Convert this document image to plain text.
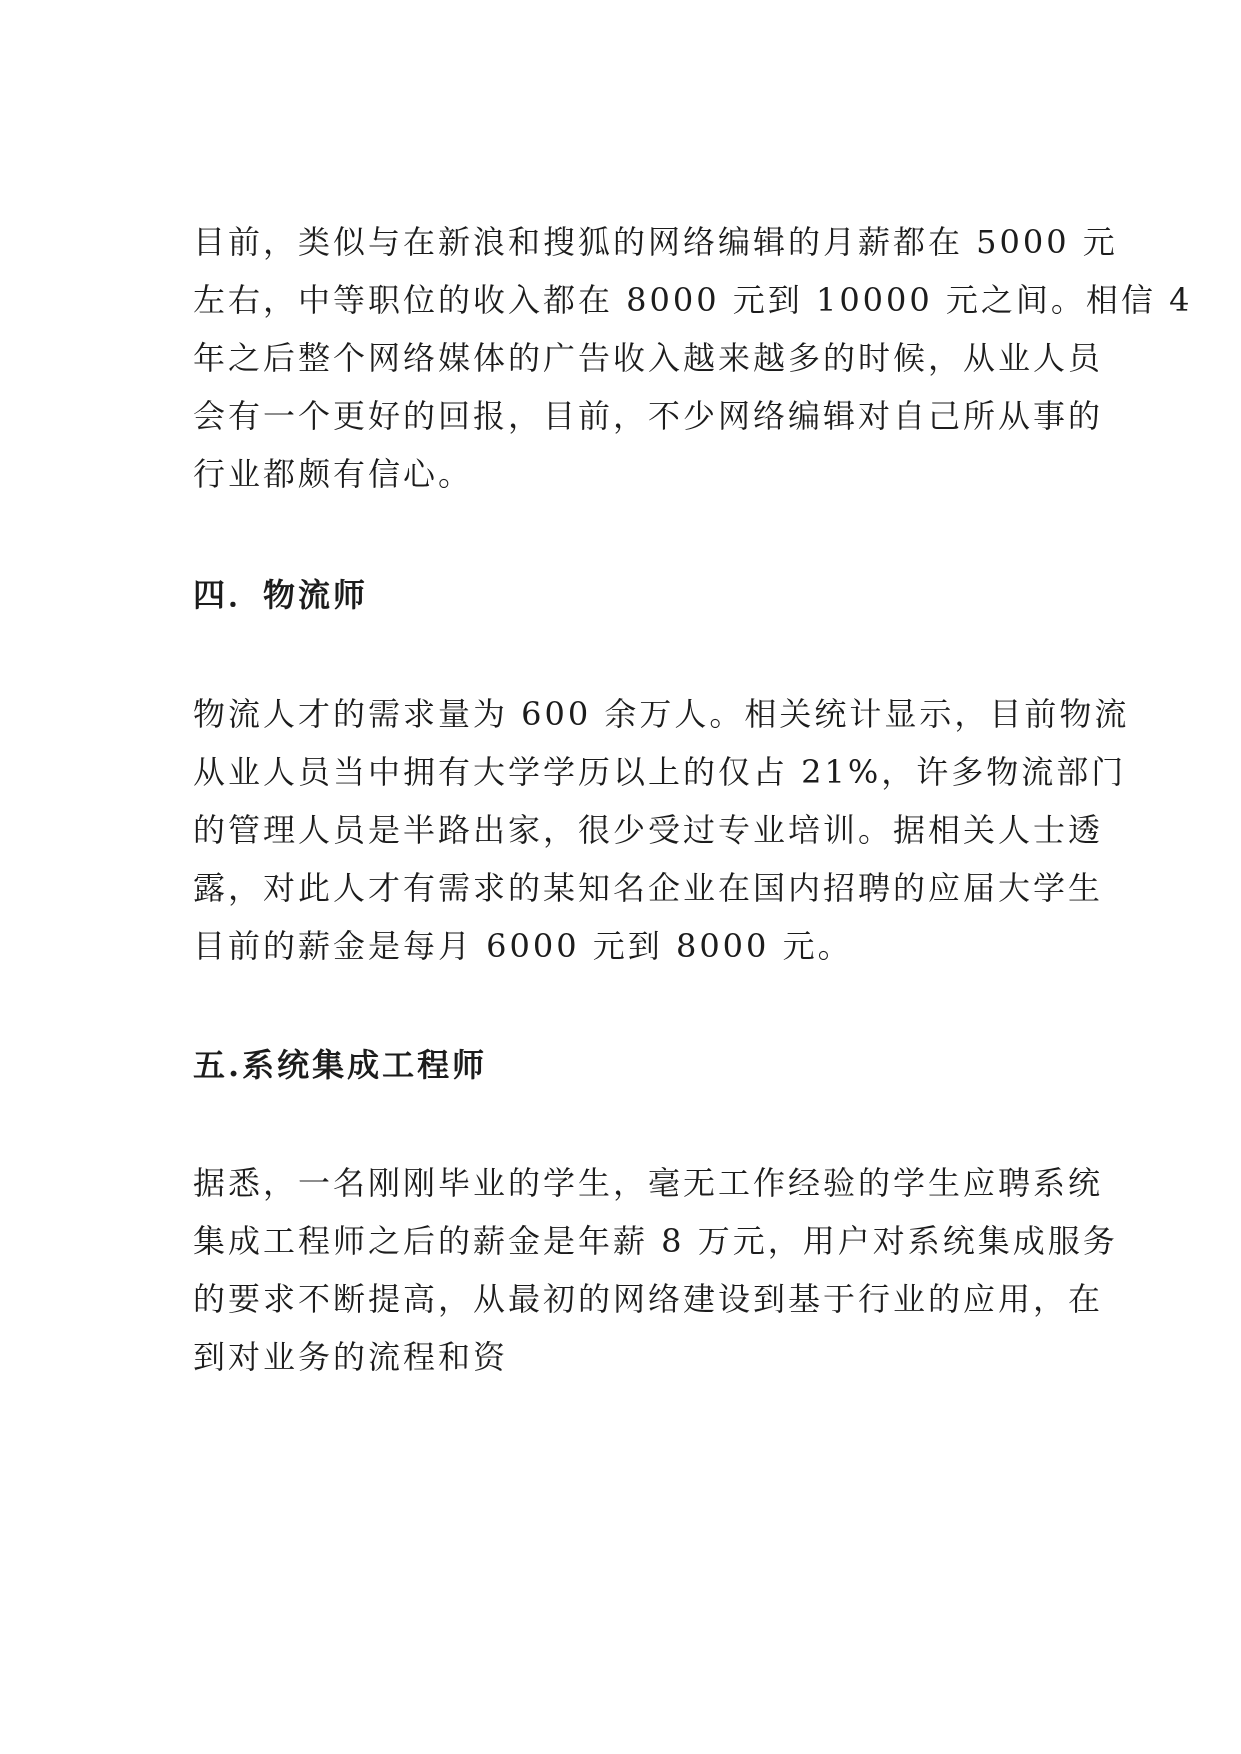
目前，类似与在新浪和搜狐的网络编辑的月薪都在 5000 元
左右，中等职位的收入都在 8000 元到 10000 元之间。相信 4
年之后整个网络媒体的广告收入越来越多的时候，从业人员
会有一个更好的回报，目前，不少网络编辑对自己所从事的
行业都颇有信心。

四．物流师

物流人才的需求量为 600 余万人。相关统计显示，目前物流
从业人员当中拥有大学学历以上的仅占 21%，许多物流部门
的管理人员是半路出家，很少受过专业培训。据相关人士透
露，对此人才有需求的某知名企业在国内招聘的应届大学生
目前的薪金是每月 6000 元到 8000 元。

五.系统集成工程师

据悉，一名刚刚毕业的学生，毫无工作经验的学生应聘系统
集成工程师之后的薪金是年薪 8 万元，用户对系统集成服务
的要求不断提高，从最初的网络建设到基于行业的应用，在
到对业务的流程和资
